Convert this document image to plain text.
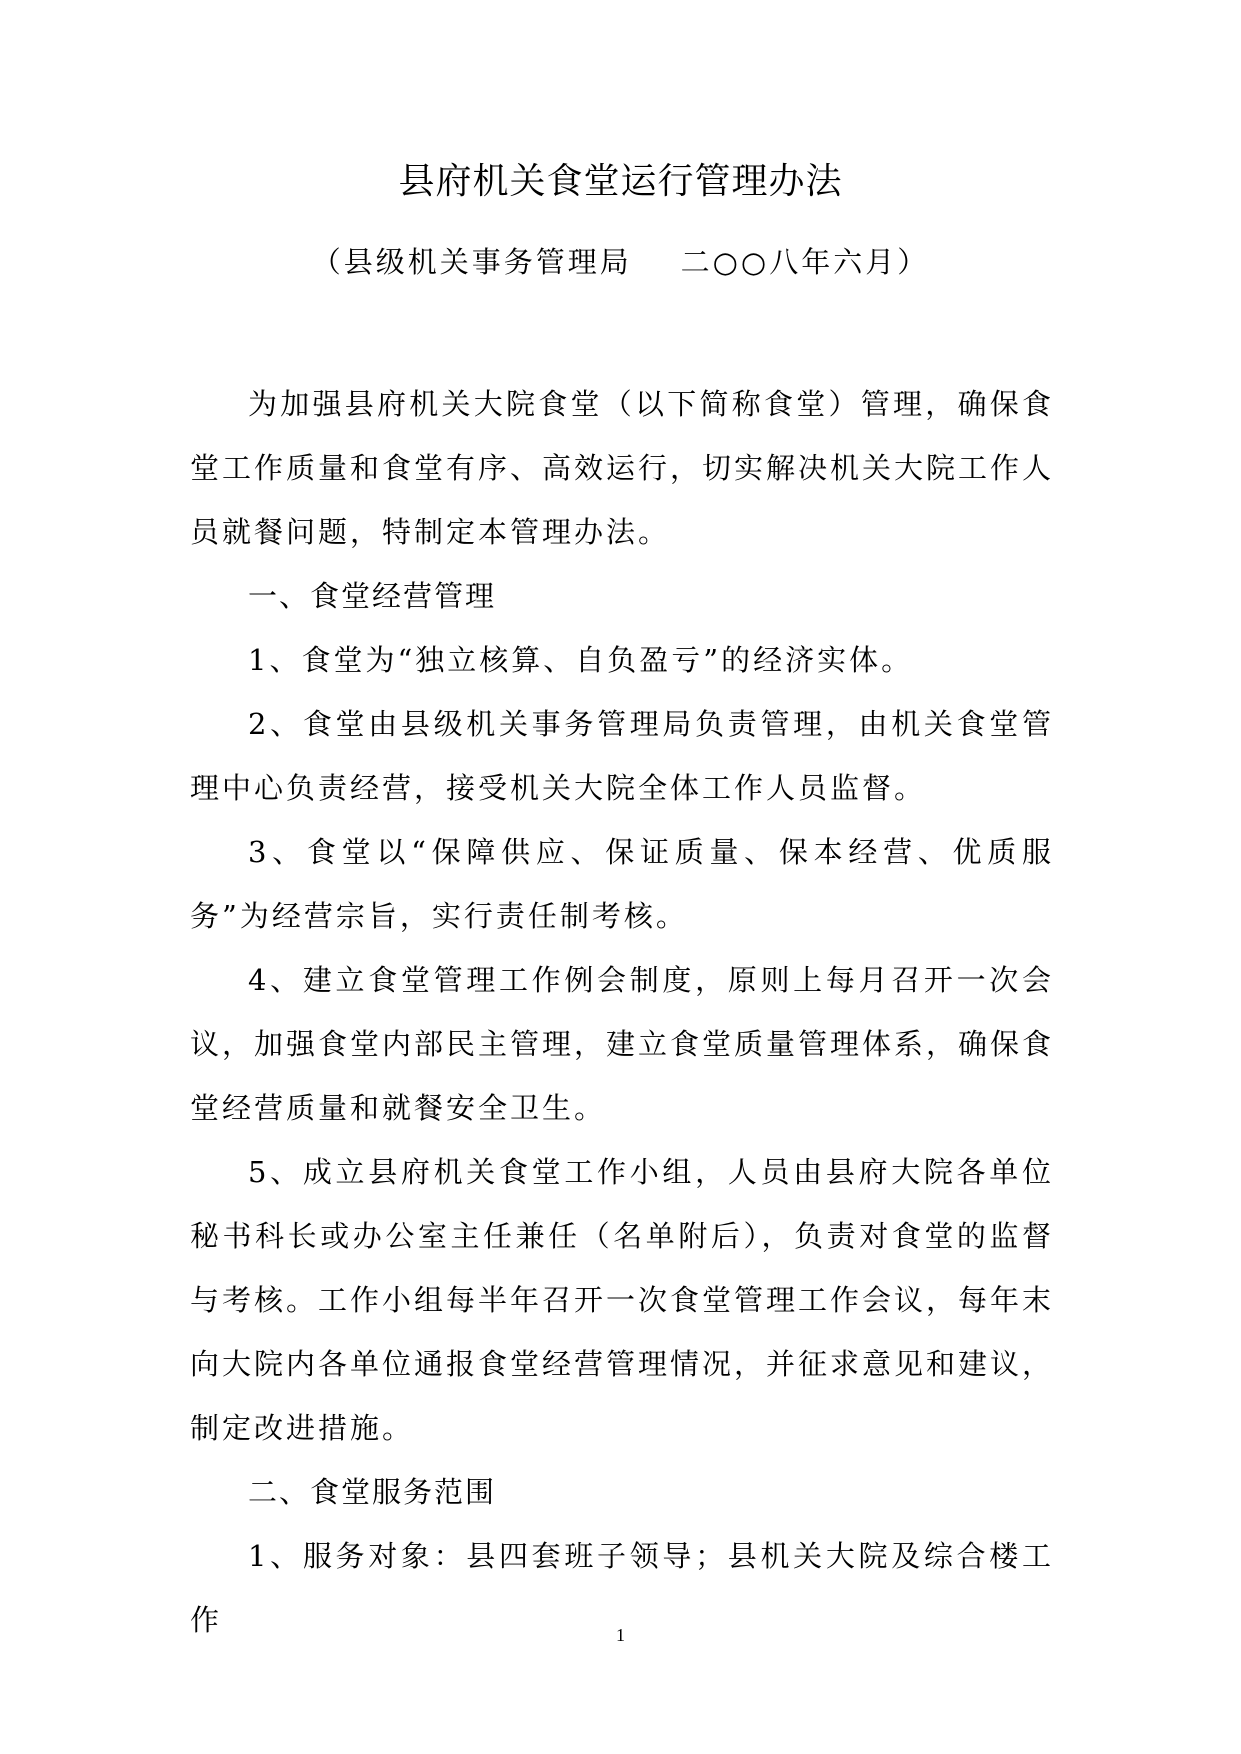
县府机关食堂运行管理办法
（县级机关事务管理局    二○○八年六月）

为加强县府机关大院食堂（以下简称食堂）管理，确保食堂工作质量和食堂有序、高效运行，切实解决机关大院工作人员就餐问题，特制定本管理办法。

一、食堂经营管理

1、食堂为“独立核算、自负盈亏”的经济实体。

2、食堂由县级机关事务管理局负责管理，由机关食堂管理中心负责经营，接受机关大院全体工作人员监督。

3、食堂以“保障供应、保证质量、保本经营、优质服务”为经营宗旨，实行责任制考核。

4、建立食堂管理工作例会制度，原则上每月召开一次会议，加强食堂内部民主管理，建立食堂质量管理体系，确保食堂经营质量和就餐安全卫生。

5、成立县府机关食堂工作小组，人员由县府大院各单位秘书科长或办公室主任兼任（名单附后），负责对食堂的监督与考核。工作小组每半年召开一次食堂管理工作会议，每年末向大院内各单位通报食堂经营管理情况，并征求意见和建议，制定改进措施。

二、食堂服务范围

1、服务对象：县四套班子领导；县机关大院及综合楼工作	1
